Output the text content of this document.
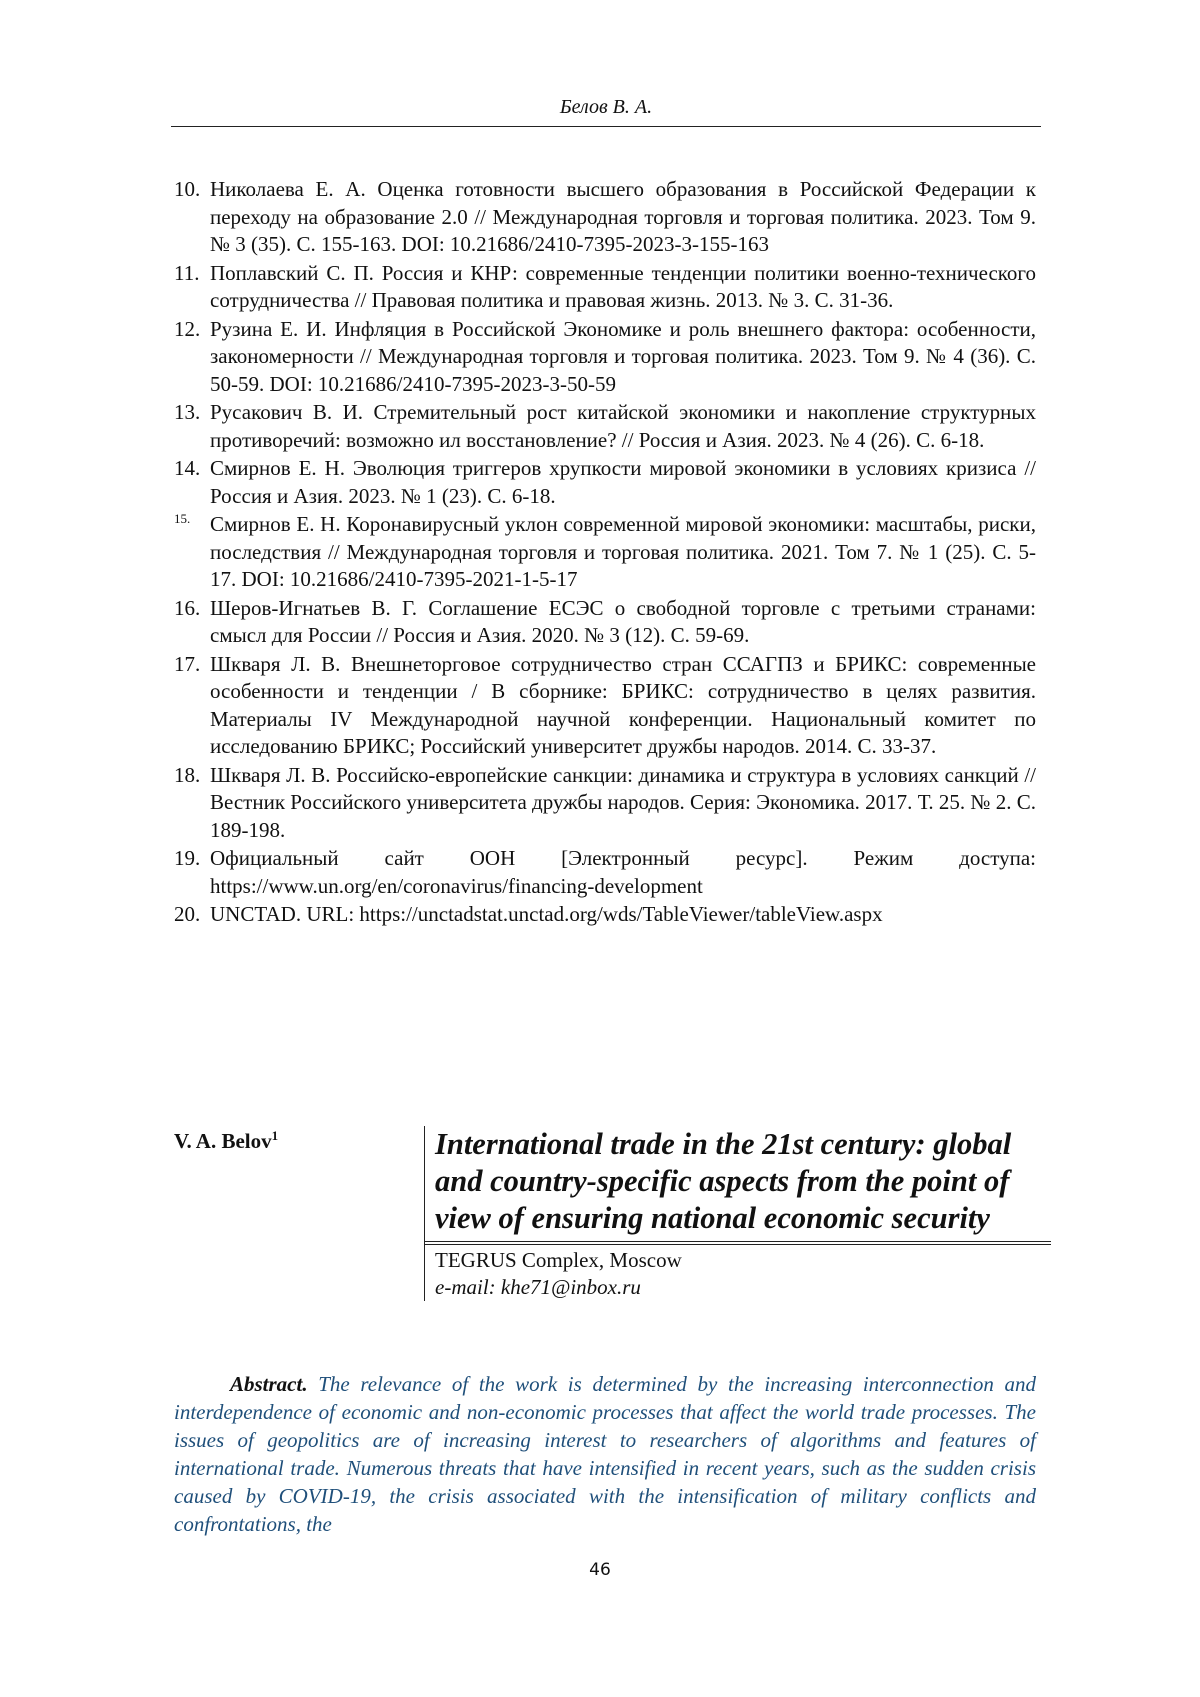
Белов В. А.
10. Николаева Е. А. Оценка готовности высшего образования в Российской Федерации к переходу на образование 2.0 // Международная торговля и торговая политика. 2023. Том 9. № 3 (35). С. 155-163. DOI: 10.21686/2410-7395-2023-3-155-163
11. Поплавский С. П. Россия и КНР: современные тенденции политики военно-технического сотрудничества // Правовая политика и правовая жизнь. 2013. № 3. С. 31-36.
12. Рузина Е. И. Инфляция в Российской Экономике и роль внешнего фактора: особенности, закономерности // Международная торговля и торговая политика. 2023. Том 9. № 4 (36). С. 50-59. DOI: 10.21686/2410-7395-2023-3-50-59
13. Русакович В. И. Стремительный рост китайской экономики и накопление структурных противоречий: возможно ил восстановление? // Россия и Азия. 2023. № 4 (26). С. 6-18.
14. Смирнов Е. Н. Эволюция триггеров хрупкости мировой экономики в условиях кризиса // Россия и Азия. 2023. № 1 (23). С. 6-18.
15. Смирнов Е. Н. Коронавирусный уклон современной мировой экономики: масштабы, риски, последствия // Международная торговля и торговая политика. 2021. Том 7. № 1 (25). С. 5-17. DOI: 10.21686/2410-7395-2021-1-5-17
16. Шеров-Игнатьев В. Г. Соглашение ЕСЭС о свободной торговле с третьими странами: смысл для России // Россия и Азия. 2020. № 3 (12). С. 59-69.
17. Шкваря Л. В. Внешнеторговое сотрудничество стран ССАГПЗ и БРИКС: современные особенности и тенденции / В сборнике: БРИКС: сотрудничество в целях развития. Материалы IV Международной научной конференции. Национальный комитет по исследованию БРИКС; Российский университет дружбы народов. 2014. С. 33-37.
18. Шкваря Л. В. Российско-европейские санкции: динамика и структура в условиях санкций // Вестник Российского университета дружбы народов. Серия: Экономика. 2017. Т. 25. № 2. С. 189-198.
19. Официальный сайт ООН [Электронный ресурс]. Режим доступа: https://www.un.org/en/coronavirus/financing-development
20. UNCTAD. URL: https://unctadstat.unctad.org/wds/TableViewer/tableView.aspx
V. A. Belov$^1$	International trade in the 21st century: global and country-specific aspects from the point of view of ensuring national economic security
TEGRUS Complex, Moscow
e-mail: khe71@inbox.ru

Abstract. The relevance of the work is determined by the increasing interconnection and interdependence of economic and non-economic processes that affect the world trade processes. The issues of geopolitics are of increasing interest to researchers of algorithms and features of international trade. Numerous threats that have intensified in recent years, such as the sudden crisis caused by COVID-19, the crisis associated with the intensification of military conflicts and confrontations, the

46
